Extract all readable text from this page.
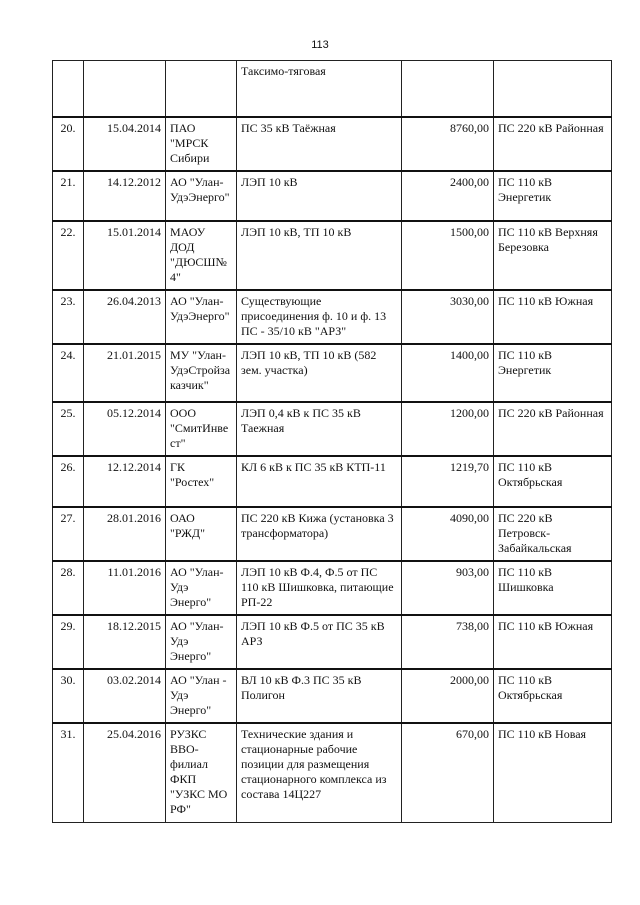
113
			Таксимо-тяговая		
20.	15.04.2014	ПАО "МРСК Сибири	ПС 35 кВ Таёжная	8760,00	ПС 220 кВ Районная
21.	14.12.2012	АО "Улан-УдэЭнерго"	ЛЭП 10 кВ	2400,00	ПС 110 кВ Энергетик
22.	15.01.2014	МАОУ ДОД "ДЮСШ№4"	ЛЭП 10 кВ, ТП 10 кВ	1500,00	ПС 110 кВ Верхняя Березовка
23.	26.04.2013	АО "Улан-УдэЭнерго"	Существующие присоединения ф. 10 и ф. 13 ПС - 35/10 кВ "АРЗ"	3030,00	ПС 110 кВ Южная
24.	21.01.2015	МУ "Улан-УдэСтройзаказчик"	ЛЭП 10 кВ, ТП 10 кВ (582 зем. участка)	1400,00	ПС 110 кВ Энергетик
25.	05.12.2014	ООО "СмитИнвест"	ЛЭП 0,4 кВ к ПС 35 кВ Таежная	1200,00	ПС 220 кВ Районная
26.	12.12.2014	ГК "Ростех"	КЛ 6 кВ к ПС 35 кВ КТП-11	1219,70	ПС 110 кВ Октябрьская
27.	28.01.2016	ОАО "РЖД"	ПС 220 кВ Кижа (установка 3 трансформатора)	4090,00	ПС 220 кВ Петровск-Забайкальская
28.	11.01.2016	АО "Улан-Удэ Энерго"	ЛЭП 10 кВ Ф.4, Ф.5 от ПС 110 кВ Шишковка, питающие РП-22	903,00	ПС 110 кВ Шишковка
29.	18.12.2015	АО "Улан-Удэ Энерго"	ЛЭП 10 кВ Ф.5 от ПС 35 кВ АРЗ	738,00	ПС 110 кВ Южная
30.	03.02.2014	АО "Улан - Удэ Энерго"	ВЛ 10 кВ Ф.3 ПС 35 кВ Полигон	2000,00	ПС 110 кВ Октябрьская
31.	25.04.2016	РУЗКС ВВО-филиал ФКП "УЗКС МО РФ"	Технические здания и стационарные рабочие позиции для размещения стационарного комплекса из состава 14Ц227	670,00	ПС 110 кВ Новая
